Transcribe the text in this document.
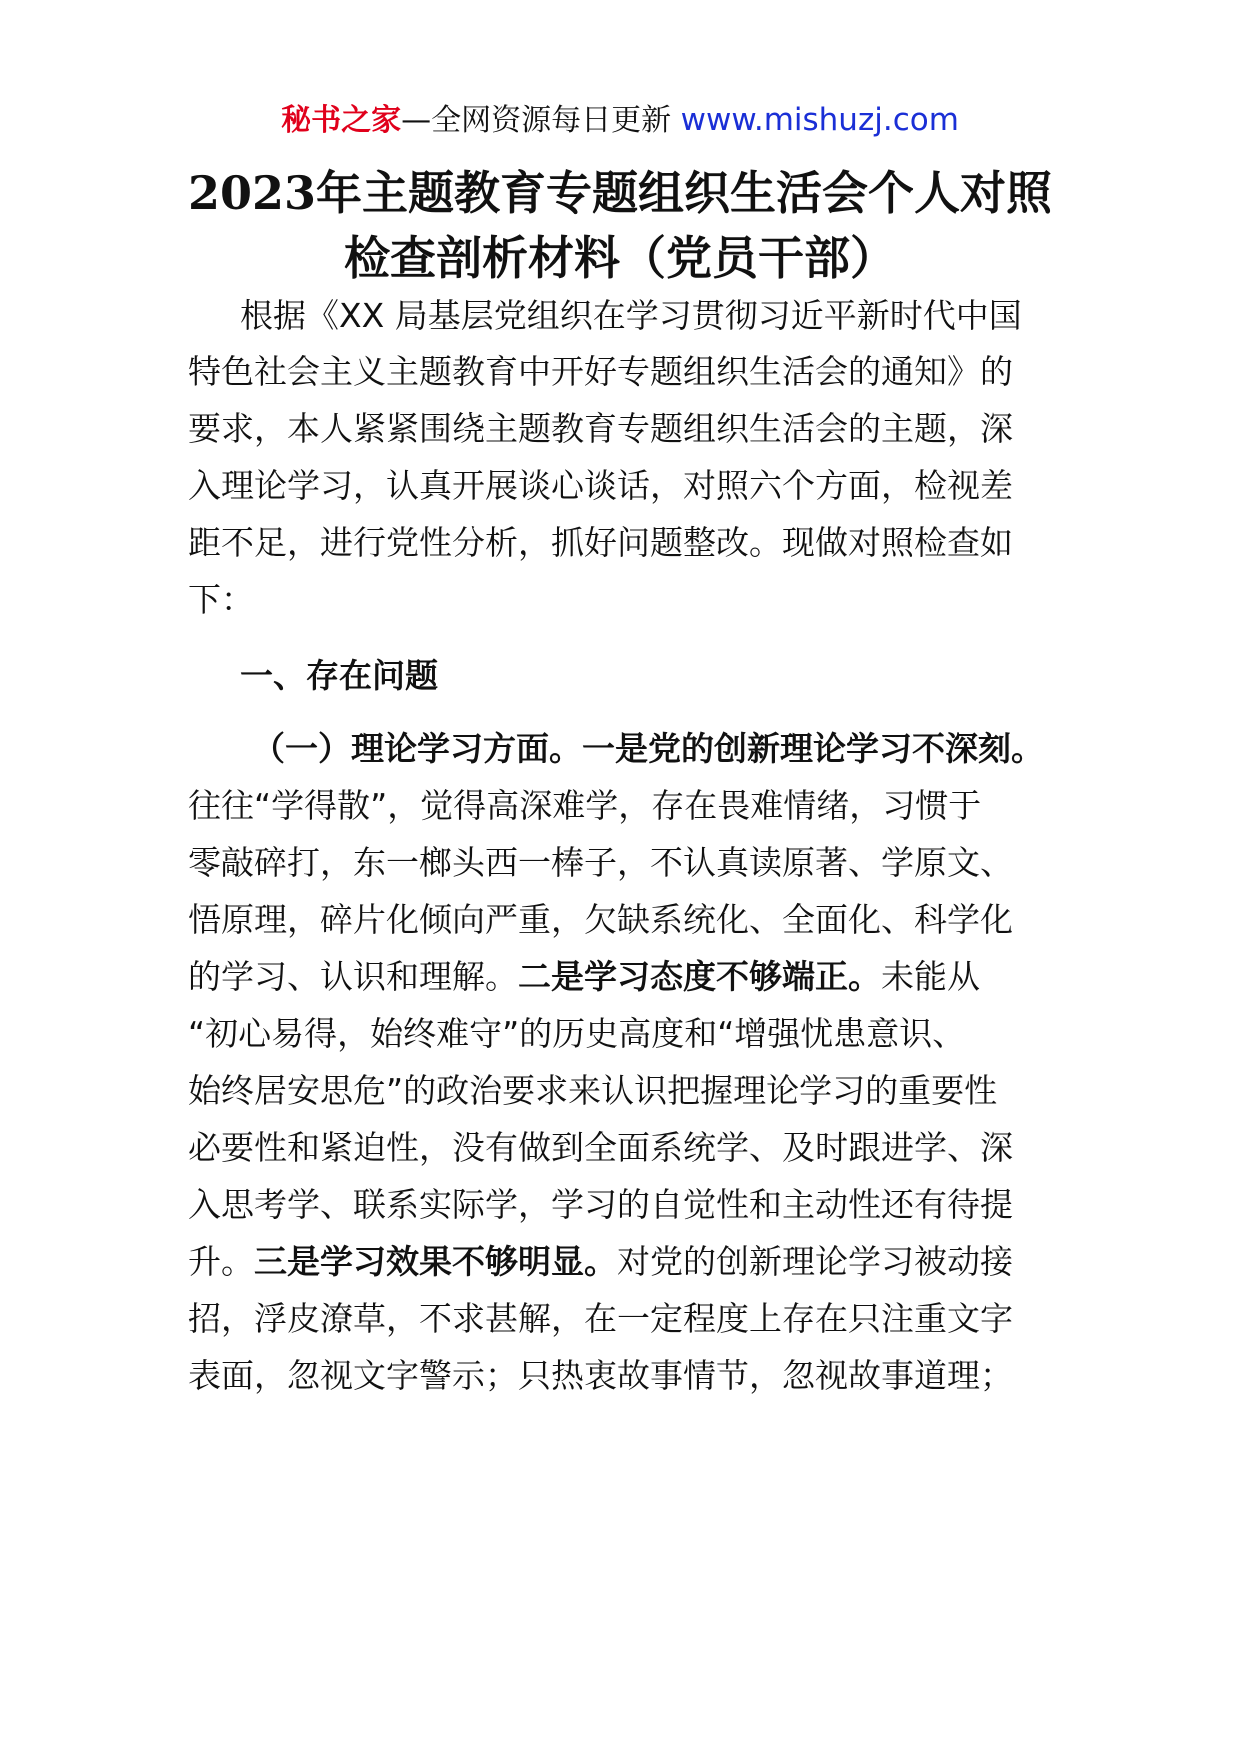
秘书之家—全网资源每日更新 www.mishuzj.com
2023年主题教育专题组织生活会个人对照
检查剖析材料（党员干部）

根据《XX 局基层党组织在学习贯彻习近平新时代中国

特色社会主义主题教育中开好专题组织生活会的通知》的

要求，本人紧紧围绕主题教育专题组织生活会的主题，深

入理论学习，认真开展谈心谈话，对照六个方面，检视差

距不足，进行党性分析，抓好问题整改。现做对照检查如

下：

一、存在问题

（一）理论学习方面。一是党的创新理论学习不深刻。

往往“学得散”，觉得高深难学，存在畏难情绪，习惯于

零敲碎打，东一榔头西一棒子，不认真读原著、学原文、

悟原理，碎片化倾向严重，欠缺系统化、全面化、科学化

的学习、认识和理解。二是学习态度不够端正。未能从

“初心易得，始终难守”的历史高度和“增强忧患意识、

始终居安思危”的政治要求来认识把握理论学习的重要性

必要性和紧迫性，没有做到全面系统学、及时跟进学、深

入思考学、联系实际学，学习的自觉性和主动性还有待提

升。三是学习效果不够明显。对党的创新理论学习被动接

招，浮皮潦草，不求甚解，在一定程度上存在只注重文字

表面，忽视文字警示；只热衷故事情节，忽视故事道理；
